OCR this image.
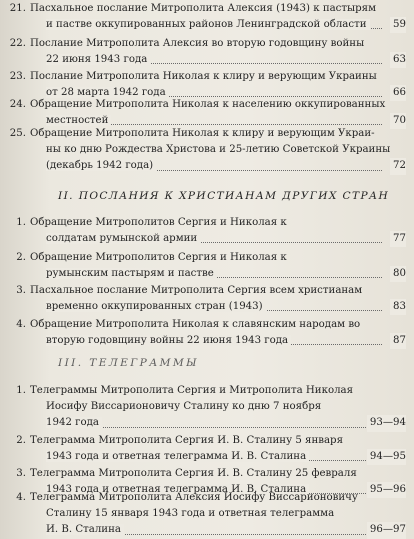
21. Пасхальное послание Митрополита Алексия (1943) к пастырям
и пастве оккупированных районов Ленинградской области	59
22. Послание Митрополита Алексия во вторую годовщину войны
22 июня 1943 года	63
23. Послание Митрополита Николая к клиру и верующим Украины
от 28 марта 1942 года	66
24. Обращение Митрополита Николая к населению оккупированных
местностей	70
25. Обращение Митрополита Николая к клиру и верующим Украи-
ны ко дню Рождества Христова и 25-летию Советской Украины
(декабрь 1942 года)	72
II. ПОСЛАНИЯ К ХРИСТИАНАМ ДРУГИХ СТРАН
1. Обращение Митрополитов Сергия и Николая к
солдатам румынской армии	77
2. Обращение Митрополитов Сергия и Николая к
румынским пастырям и пастве	80
3. Пасхальное послание Митрополита Сергия всем христианам
временно оккупированных стран (1943)	83
4. Обращение Митрополита Николая к славянским народам во
вторую годовщину войны 22 июня 1943 года	87
III. ТЕЛЕГРАММЫ
1. Телеграммы Митрополита Сергия и Митрополита Николая
Иосифу Виссарионовичу Сталину ко дню 7 ноября
1942 года	93—94
2. Телеграмма Митрополита Сергия И. В. Сталину 5 января
1943 года и ответная телеграмма И. В. Сталина	94—95
3. Телеграмма Митрополита Сергия И. В. Сталину 25 февраля
1943 года и ответная телеграмма И. В. Сталина	95—96
4. Телеграмма Митрополита Алексия Иосифу Виссарионовичу
Сталину 15 января 1943 года и ответная телеграмма
И. В. Сталина	96—97
